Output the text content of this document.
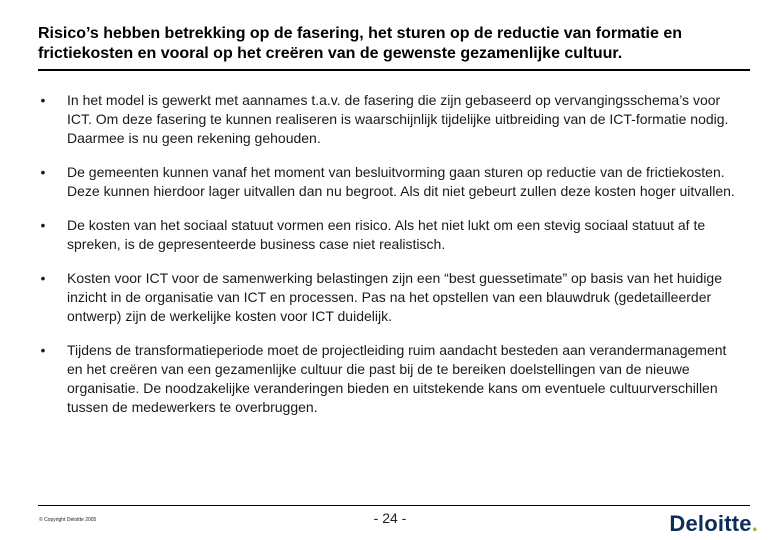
Risico’s hebben betrekking op de fasering, het sturen op de reductie van formatie en frictiekosten en vooral op het creëren van de gewenste gezamenlijke cultuur.
• In het model is gewerkt met aannames t.a.v. de fasering die zijn gebaseerd op vervangingsschema’s voor ICT. Om deze fasering te kunnen realiseren is waarschijnlijk tijdelijke uitbreiding van de ICT-formatie nodig. Daarmee is nu geen rekening gehouden.
• De gemeenten kunnen vanaf het moment van besluitvorming gaan sturen op reductie van de frictiekosten. Deze kunnen hierdoor lager uitvallen dan nu begroot. Als dit niet gebeurt zullen deze kosten hoger uitvallen.
• De kosten van het sociaal statuut vormen een risico. Als het niet lukt om een stevig sociaal statuut af te spreken, is de gepresenteerde business case niet realistisch.
• Kosten voor ICT voor de samenwerking belastingen zijn een “best guessetimate” op basis van het huidige inzicht in de organisatie van ICT en processen. Pas na het opstellen van een blauwdruk (gedetailleerder ontwerp) zijn de werkelijke kosten voor ICT duidelijk.
• Tijdens de transformatieperiode moet de projectleiding ruim aandacht besteden aan verandermanagement en het creëren van een gezamenlijke cultuur die past bij de te bereiken doelstellingen van de nieuwe organisatie. De noodzakelijke veranderingen bieden en uitstekende kans om eventuele cultuurverschillen tussen de medewerkers te overbruggen.
© Copyright Deloitte 2005	- 24 -	Deloitte.
